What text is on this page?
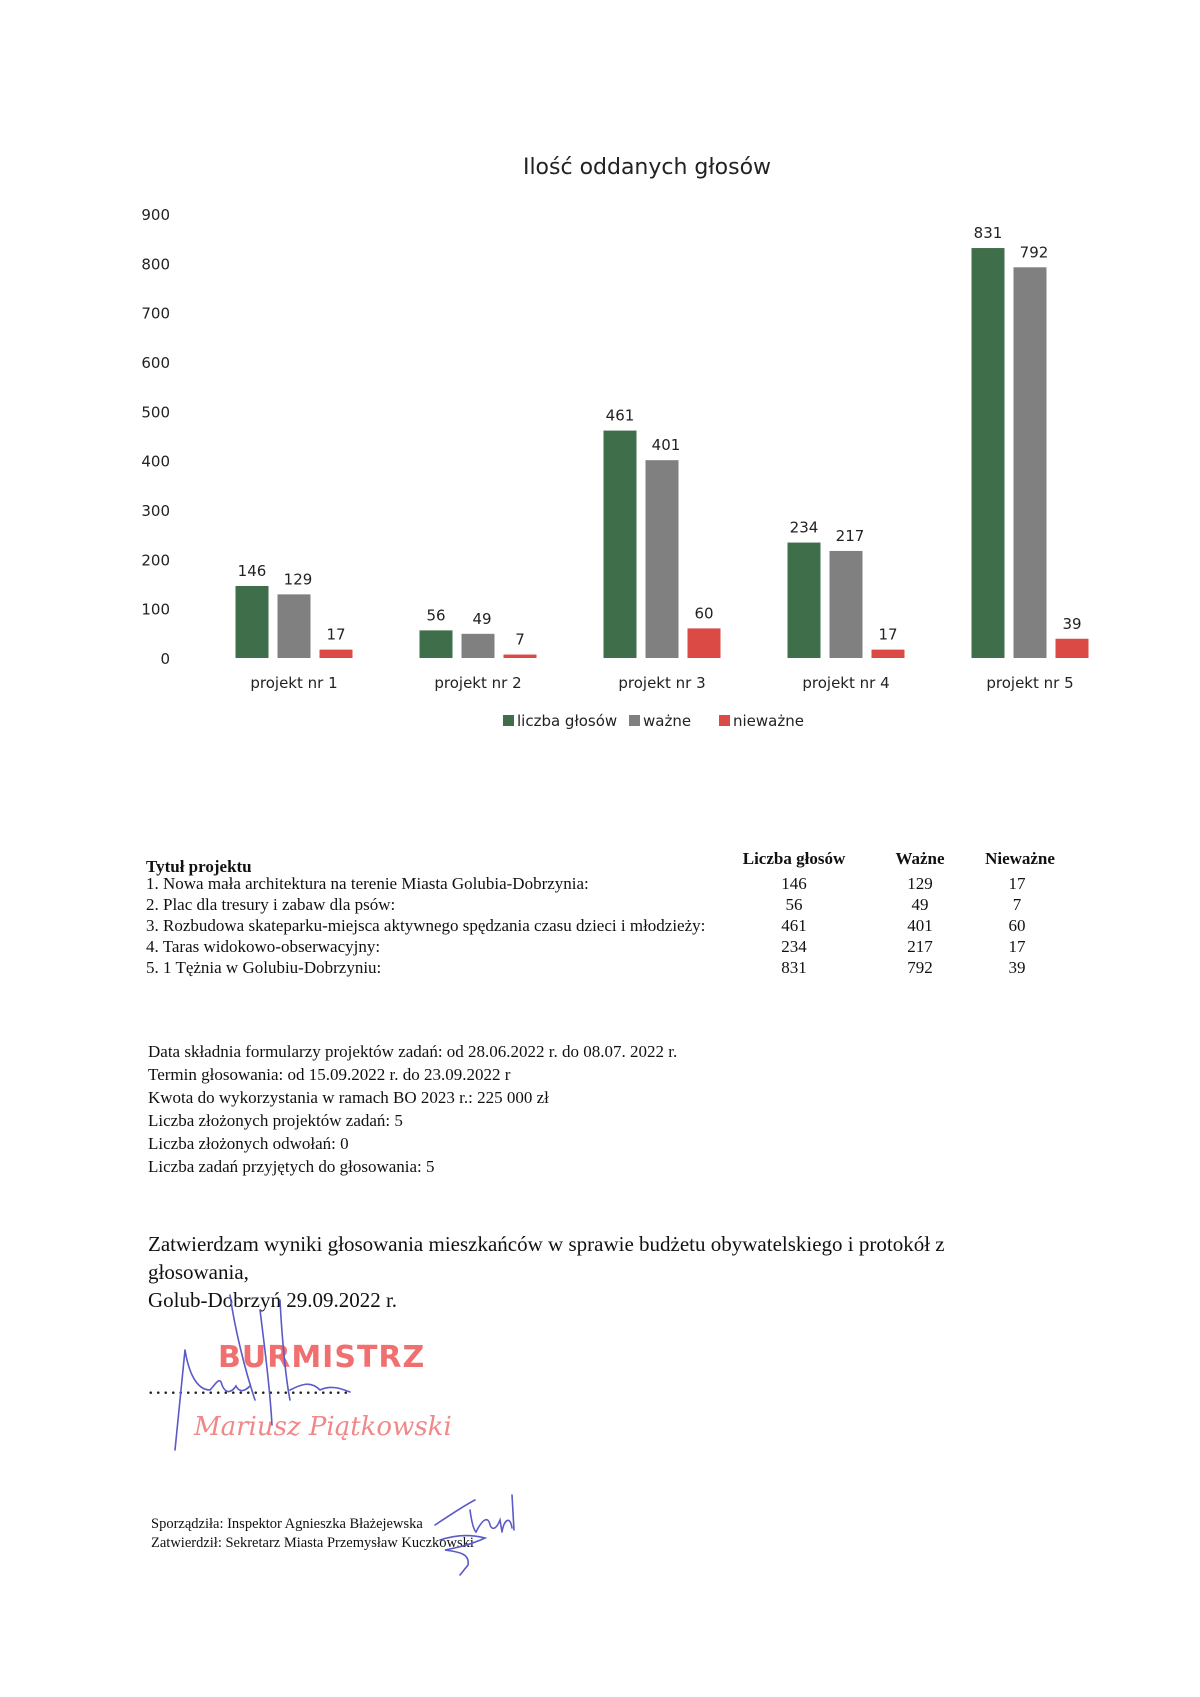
Ilość oddanych głosów
0
100
200
300
400
500
600
700
800
900
146 129
17
projekt nr 1
56 49
7
projekt nr 2
461
401
60
projekt nr 3
234 217
17
projekt nr 4
831
792
39
projekt nr 5
liczba głosów ważne	nieważne
Tytuł projektu	Liczba głosów	Ważne	Nieważne
1. Nowa mała architektura na terenie Miasta Golubia-Dobrzynia:	146	129	17
2. Plac dla tresury i zabaw dla psów:	56	49	7
3. Rozbudowa skateparku-miejsca aktywnego spędzania czasu dzieci i młodzieży:	461	401	60
4. Taras widokowo-obserwacyjny:	234	217	17
5. 1 Tężnia w Golubiu-Dobrzyniu:	831	792	39
Data składnia formularzy projektów zadań: od 28.06.2022 r. do 08.07. 2022 r.
Termin głosowania: od 15.09.2022 r. do 23.09.2022 r
Kwota do wykorzystania w ramach BO 2023 r.: 225 000 zł
Liczba złożonych projektów zadań: 5
Liczba złożonych odwołań: 0
Liczba zadań przyjętych do głosowania: 5
Zatwierdzam wyniki głosowania mieszkańców w sprawie budżetu obywatelskiego i protokół z głosowania,
Golub-Dobrzyń 29.09.2022 r.
BURMISTRZ
...........................
Mariusz Piątkowski
Sporządziła: Inspektor Agnieszka Błażejewska
Zatwierdził: Sekretarz Miasta Przemysław Kuczkowski
